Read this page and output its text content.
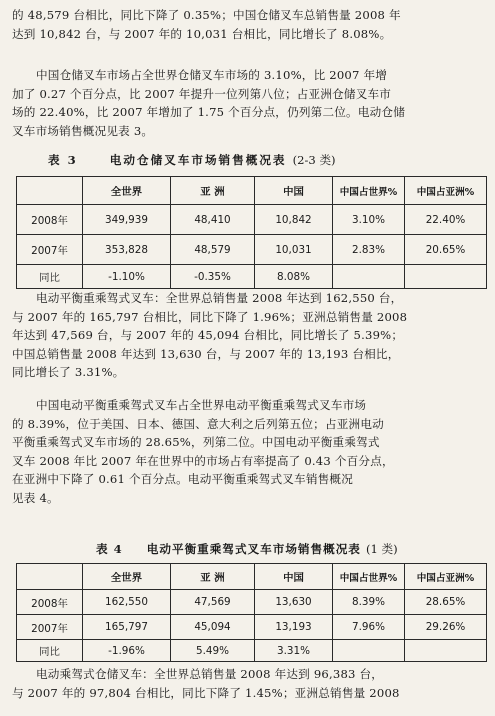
的 48,579 台相比，同比下降了 0.35%；中国仓储叉车总销售量 2008 年
达到 10,842 台，与 2007 年的 10,031 台相比，同比增长了 8.08%。
中国仓储叉车市场占全世界仓储叉车市场的 3.10%，比 2007 年增
加了 0.27 个百分点，比 2007 年提升一位列第八位；占亚洲仓储叉车市
场的 22.40%，比 2007 年增加了 1.75 个百分点，仍列第二位。电动仓储
叉车市场销售概况见表 3。
表 3	电动仓储叉车市场销售概况表 (2-3 类)
	全世界	亚 洲	中国	中国占世界%	中国占亚洲%
2008年	349,939	48,410	10,842	3.10%	22.40%
2007年	353,828	48,579	10,031	2.83%	20.65%
同比	-1.10%	-0.35%	8.08%		
电动平衡重乘驾式叉车：全世界总销售量 2008 年达到 162,550 台，
与 2007 年的 165,797 台相比，同比下降了 1.96%；亚洲总销售量 2008
年达到 47,569 台，与 2007 年的 45,094 台相比，同比增长了 5.39%；
中国总销售量 2008 年达到 13,630 台，与 2007 年的 13,193 台相比，
同比增长了 3.31%。
中国电动平衡重乘驾式叉车占全世界电动平衡重乘驾式叉车市场
的 8.39%，位于美国、日本、德国、意大利之后列第五位；占亚洲电动
平衡重乘驾式叉车市场的 28.65%，列第二位。中国电动平衡重乘驾式
叉车 2008 年比 2007 年在世界中的市场占有率提高了 0.43 个百分点，
在亚洲中下降了 0.61 个百分点。电动平衡重乘驾式叉车销售概况
见表 4。
表 4 电动平衡重乘驾式叉车市场销售概况表 (1 类)
	全世界	亚 洲	中国	中国占世界%	中国占亚洲%
2008年	162,550	47,569	13,630	8.39%	28.65%
2007年	165,797	45,094	13,193	7.96%	29.26%
同比	-1.96%	5.49%	3.31%		
电动乘驾式仓储叉车：全世界总销售量 2008 年达到 96,383 台，
与 2007 年的 97,804 台相比，同比下降了 1.45%；亚洲总销售量 2008
